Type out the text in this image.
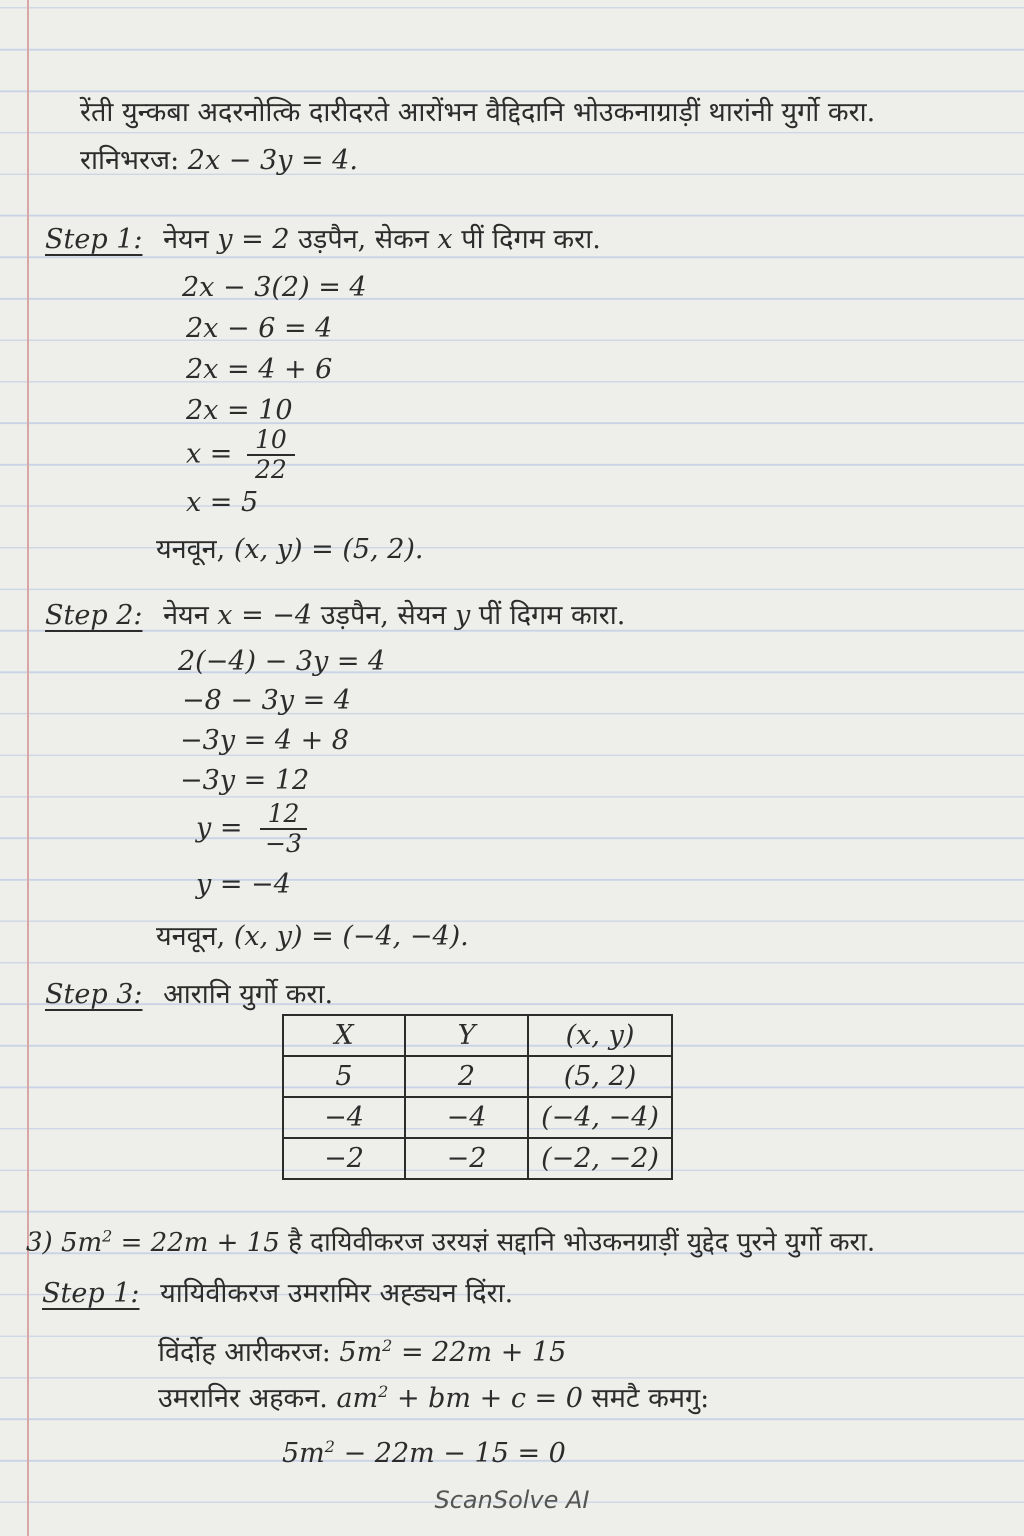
रेंती युन्कबा अदरनोत्कि दारीदरते आरोंभन वैद्दिदानि भोउकनाग्राड़ीं थारांनी युर्गो करा.
रानिभरज: 2x − 3y = 4.
Step 1: नेयन y = 2 उड़पैन, सेकन x पीं दिगम करा.
2x − 3(2) = 4
2x − 6 = 4
2x = 4 + 6
2x = 10
$x = \frac{10}{22}$
x = 5
यनवून, (x, y) = (5, 2).
Step 2: नेयन x = −4 उड़पैन, सेयन y पीं दिगम कारा.
2(−4) − 3y = 4
−8 − 3y = 4
−3y = 4 + 8
−3y = 12
$y = \frac{12}{-3}$
y = −4
यनवून, (x, y) = (−4, −4).
Step 3: आरानि युर्गो करा.
X	Y	(x, y)
5	2	(5, 2)
−4	−4	(−4, −4)
−2	−2	(−2, −2)
3) $5m^2 = 22m + 15$ है दायिवीकरज उरयज्ञं सद्दानि भोउकनग्राड़ीं युद्देद पुरने युर्गो करा.
Step 1: यायिवीकरज उमरामिर अह्ड्यन दिंरा.
विंर्दोह आरीकरज: $5m^2 = 22m + 15$
उमरानिर अहकन. $am^2$ + bm + c = 0 समटै कमगु:
$5m^2 - 22m - 15 = 0$
ScanSolve AI
